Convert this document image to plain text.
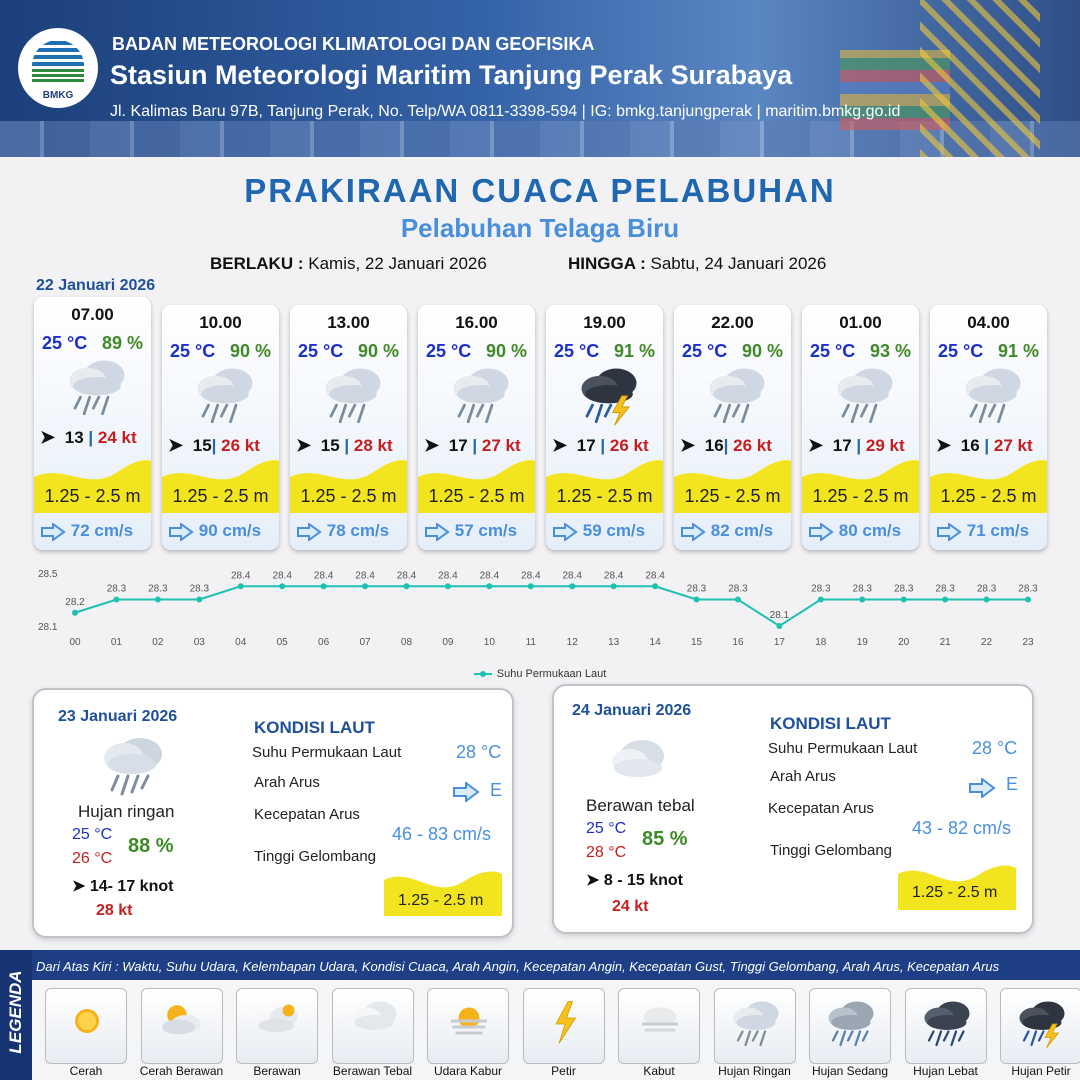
BMKG
BADAN METEOROLOGI KLIMATOLOGI DAN GEOFISIKA
Stasiun Meteorologi Maritim Tanjung Perak Surabaya
Jl. Kalimas Baru 97B, Tanjung Perak, No. Telp/WA 0811-3398-594 | IG: bmkg.tanjungperak | maritim.bmkg.go.id
PRAKIRAAN CUACA PELABUHAN
Pelabuhan Telaga Biru
BERLAKU : Kamis, 22 Januari 2026	HINGGA : Sabtu, 24 Januari 2026
22 Januari 2026
07.00
25 °C 89 %
➤ 13 | 24 kt
1.25 - 2.5 m
72 cm/s
10.00
25 °C 90 %
➤ 15| 26 kt
1.25 - 2.5 m
90 cm/s
13.00
25 °C 90 %
➤ 15 | 28 kt
1.25 - 2.5 m
78 cm/s
16.00
25 °C 90 %
➤ 17 | 27 kt
1.25 - 2.5 m
57 cm/s
19.00
25 °C 91 %
➤ 17 | 26 kt
1.25 - 2.5 m
59 cm/s
22.00
25 °C 90 %
➤ 16| 26 kt
1.25 - 2.5 m
82 cm/s
01.00
25 °C 93 %
➤ 17 | 29 kt
1.25 - 2.5 m
80 cm/s
04.00
25 °C 91 %
➤ 16 | 27 kt
1.25 - 2.5 m
71 cm/s
28.5
28.1
28.2
00
28.3
01
28.3
02
28.3
03
28.4
04
28.4
05
28.4
06
28.4
07
28.4
08
28.4
09
28.4
10
28.4
11
28.4
12
28.4
13
28.4
14
28.3
15
28.3
16
28.1
17
28.3
18
28.3
19
28.3
20
28.3
21
28.3
22
28.3
23
Suhu Permukaan Laut
23 Januari 2026
Hujan ringan
25 °C
26 °C
88 %
➤ 14- 17 knot
28 kt
KONDISI LAUT
Suhu Permukaan Laut	28 °C
Arah Arus	E
Kecepatan Arus
46 - 83 cm/s
Tinggi Gelombang
1.25 - 2.5 m
24 Januari 2026
Berawan tebal
25 °C
28 °C
85 %
➤ 8 - 15 knot
24 kt
KONDISI LAUT
Suhu Permukaan Laut	28 °C
Arah Arus	E
Kecepatan Arus
43 - 82 cm/s
Tinggi Gelombang
1.25 - 2.5 m
LEGENDA
Dari Atas Kiri : Waktu, Suhu Udara, Kelembapan Udara, Kondisi Cuaca, Arah Angin, Kecepatan Angin, Kecepatan Gust, Tinggi Gelombang, Arah Arus, Kecepatan Arus
Cerah	Cerah Berawan	Berawan	Berawan Tebal	Udara Kabur	Petir	Kabut	Hujan Ringan	Hujan Sedang	Hujan Lebat	Hujan Petir
